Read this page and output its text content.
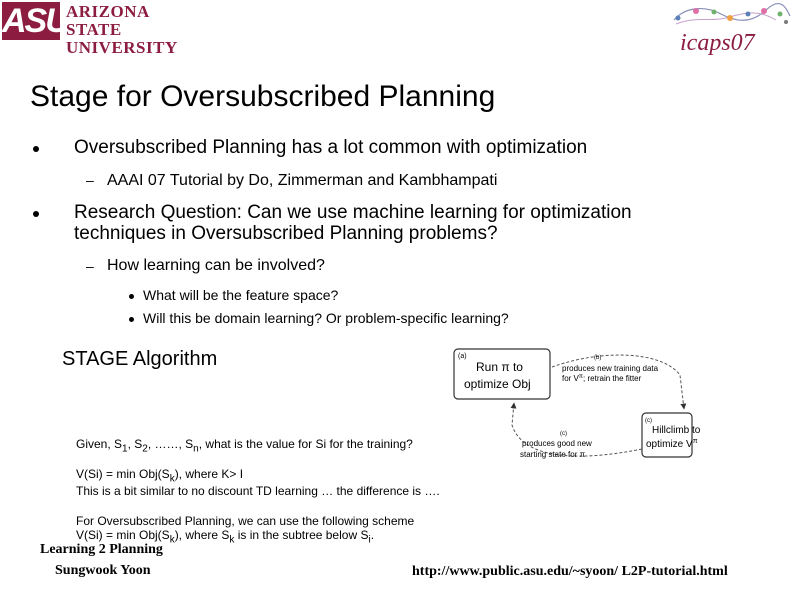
ASU
ARIZONA STATE
UNIVERSITY	icaps07
Stage for Oversubscribed Planning
Oversubscribed Planning has a lot common with optimization
– AAAI 07 Tutorial by Do, Zimmerman and Kambhampati
Research Question: Can we use machine learning for optimization
techniques in Oversubscribed Planning problems?
– How learning can be involved?
What will be the feature space?
Will this be domain learning? Or problem-specific learning?
STAGE Algorithm	(a)
Run π to
optimize Obj
(b)
produces new training data
for $V^\pi$; retrain the fitter
(c)
Hillclimb to
optimize $V^\pi$
(c)
produces good new
starting state for π
Given, $S_1$, $S_2$, ……, $S_n$, what is the value for Si for the training?
$V(Si) = \min Obj(S_k)$, where K> I
This is a bit similar to no discount TD learning … the difference is ….
For Oversubscribed Planning, we can use the following scheme
$V(Si) = \min Obj(S_k)$, where $S_k$ is in the subtree below $S_i$.
Learning 2 Planning
Sungwook Yoon	http://www.public.asu.edu/~syoon/ L2P-tutorial.html
